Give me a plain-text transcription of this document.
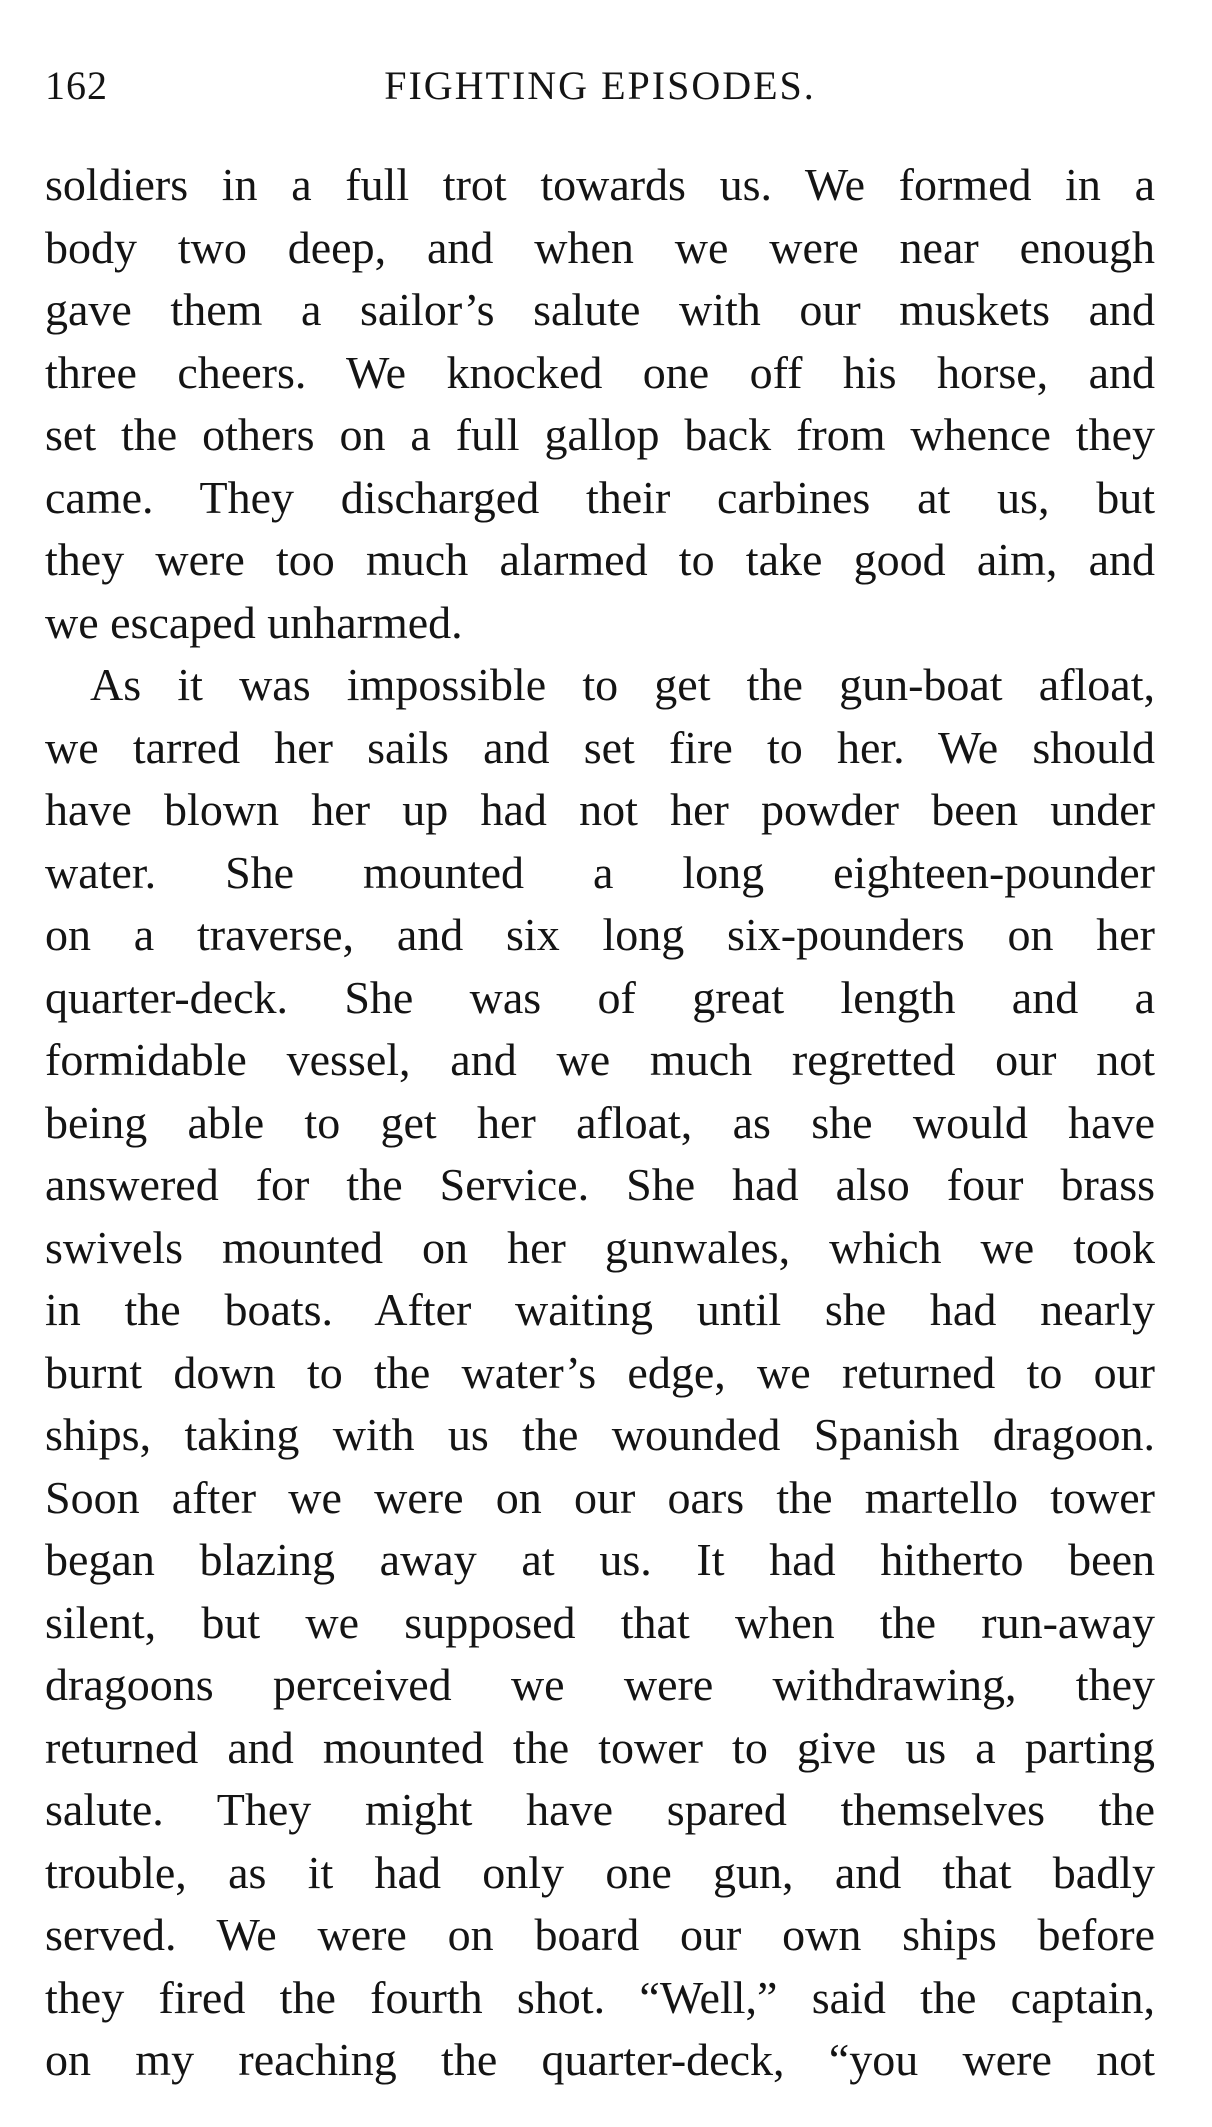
162	FIGHTING EPISODES.
soldiers in a full trot towards us. We formed in a
body two deep, and when we were near enough
gave them a sailor’s salute with our muskets and
three cheers. We knocked one off his horse, and
set the others on a full gallop back from whence they
came. They discharged their carbines at us, but
they were too much alarmed to take good aim, and
we escaped unharmed.
As it was impossible to get the gun-boat afloat,
we tarred her sails and set fire to her. We should
have blown her up had not her powder been under
water. She mounted a long eighteen-pounder
on a traverse, and six long six-pounders on her
quarter-deck. She was of great length and a
formidable vessel, and we much regretted our not
being able to get her afloat, as she would have
answered for the Service. She had also four brass
swivels mounted on her gunwales, which we took
in the boats. After waiting until she had nearly
burnt down to the water’s edge, we returned to our
ships, taking with us the wounded Spanish dragoon.
Soon after we were on our oars the martello tower
began blazing away at us. It had hitherto been
silent, but we supposed that when the run-away
dragoons perceived we were withdrawing, they
returned and mounted the tower to give us a parting
salute. They might have spared themselves the
trouble, as it had only one gun, and that badly
served. We were on board our own ships before
they fired the fourth shot. “Well,” said the captain,
on my reaching the quarter-deck, “you were not
